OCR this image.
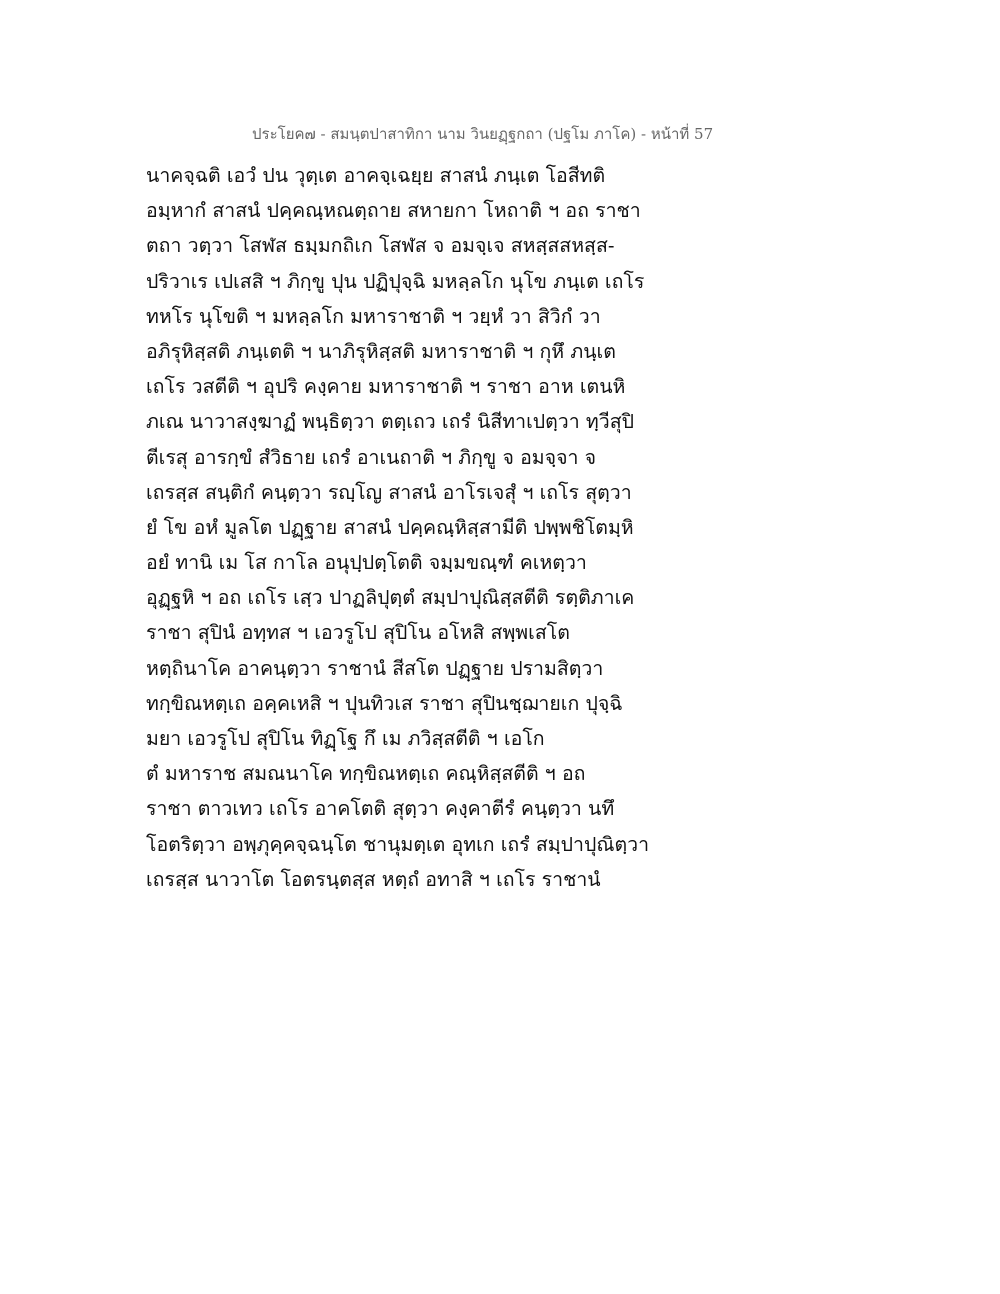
ประโยค๗ - สมนฺตปาสาทิกา นาม วินยฏฺฐกถา (ปฐโม ภาโค) - หน้าที่ 57
นาคจฺฉติ เอวํ ปน วุตฺเต อาคจฺเฉยฺย สาสนํ ภนฺเต โอสีทติ
อมฺหากํ สาสนํ ปคฺคณฺหณตฺถาย สหายกา โหถาติ ฯ อถ ราชา
ตถา วตฺวา โสฬส ธมฺมกถิเก โสฬส จ อมจฺเจ สหสฺสสหสฺส-
ปริวาเร เปเสสิ ฯ ภิกฺขู ปุน ปฏิปุจฺฉิ มหลฺลโก นุโข ภนฺเต เถโร
ทหโร นุโขติ ฯ มหลฺลโก มหาราชาติ ฯ วยฺหํ วา สิวิกํ วา
อภิรุหิสฺสติ ภนฺเตติ ฯ นาภิรุหิสฺสติ มหาราชาติ ฯ กุหึ ภนฺเต
เถโร วสตีติ ฯ อุปริ คงฺคาย มหาราชาติ ฯ ราชา อาห เตนหิ
ภเณ นาวาสงฺฆาฏํ พนฺธิตฺวา ตตฺเถว เถรํ นิสีทาเปตฺวา ทฺวีสุปิ
ตีเรสุ อารกฺขํ สํวิธาย เถรํ อาเนถาติ ฯ ภิกฺขู จ อมจฺจา จ
เถรสฺส สนฺติกํ คนฺตฺวา รญฺโญ สาสนํ อาโรเจสุํ ฯ เถโร สุตฺวา
ยํ โข อหํ มูลโต ปฏฺฐาย สาสนํ ปคฺคณฺหิสฺสามีติ ปพฺพชิโตมฺหิ
อยํ ทานิ เม โส กาโล อนุปฺปตฺโตติ จมฺมขณฺฑํ คเหตฺวา
อุฏฺฐหิ ฯ อถ เถโร เสฺว ปาฏลิปุตฺตํ สมฺปาปุณิสฺสตีติ รตฺติภาเค
ราชา สุปินํ อทฺทส ฯ เอวรูโป สุปิโน อโหสิ สพฺพเสโต
หตฺถินาโค อาคนฺตฺวา ราชานํ สีสโต ปฏฺฐาย ปรามสิตฺวา
ทกฺขิณหตฺเถ อคฺคเหสิ ฯ ปุนทิวเส ราชา สุปินชฺฌายเก ปุจฺฉิ
มยา เอวรูโป สุปิโน ทิฏฺโฐ กึ เม ภวิสฺสตีติ ฯ เอโก
ตํ มหาราช สมณนาโค ทกฺขิณหตฺเถ คณฺหิสฺสตีติ ฯ อถ
ราชา ตาวเทว เถโร อาคโตติ สุตฺวา คงฺคาตีรํ คนฺตฺวา นทึ
โอตริตฺวา อพฺภุคฺคจฺฉนฺโต ชานุมตฺเต อุทเก เถรํ สมฺปาปุณิตฺวา
เถรสฺส นาวาโต โอตรนฺตสฺส หตฺถํ อทาสิ ฯ เถโร ราชานํ
